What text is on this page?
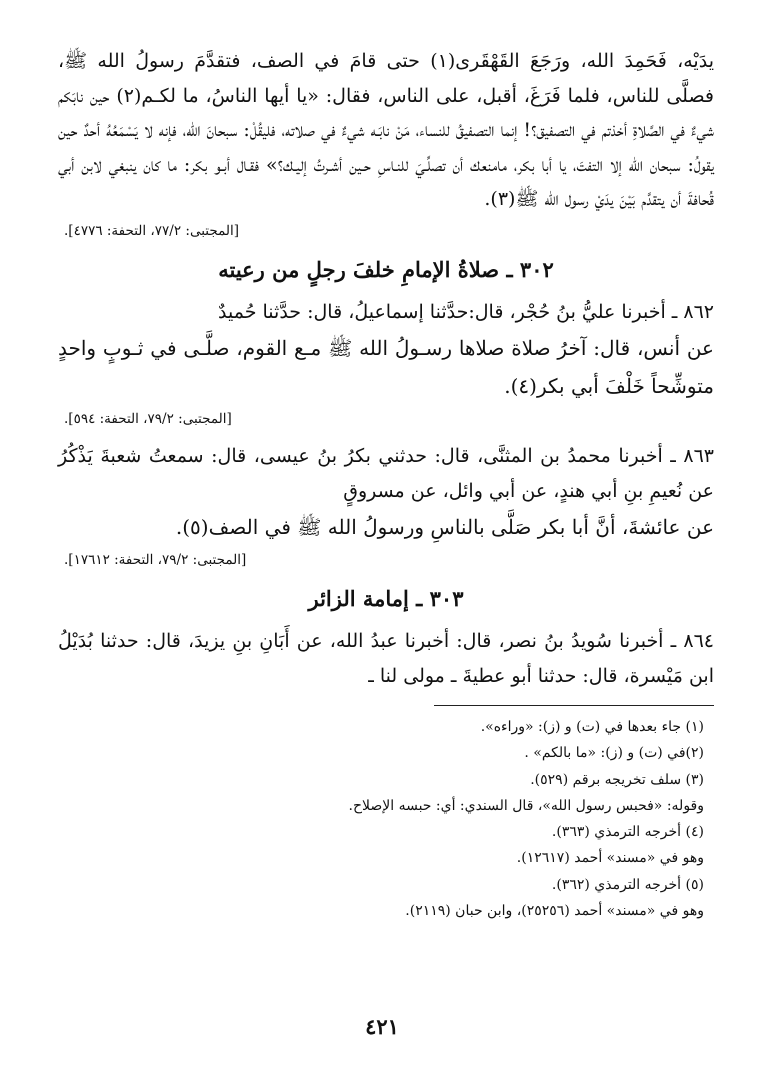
يدَيْه، فَحَمِدَ الله، ورَجَعَ القَهْقَرى(١) حتى قامَ في الصف، فتقدَّمَ رسولُ الله ﷺ، فصلَّى للناس، فلما فَرَغَ، أقبل، على الناس، فقال: «يا أيها الناسُ، ما لكـم(٢) حين نابَكم شيءٌ في الصَّلاةِ أخذتم في التصفيق؟! إنما التصفيقُ للنساء، مَنْ نابَـه شيءٌ في صلاته، فليقُلْ: سبحانَ الله، فإنه لا يَسْمَعُهُ أحدٌ حين يقولُ: سبحان الله إلا التفتَ، يا أبا بكر، مامنعك أن تصلِّـيَ للنـاسِ حـين أشـرتُ إليـك؟» فقـال أبـو بكر: ما كان ينبغي لابن أبي قُحافةَ أن يتقدَّم بَيْنَ يدَيْ رسول الله ﷺ(٣).

[المجتبى: ٧٧/٢، التحفة: ٤٧٧٦].
٣٠٢ ـ صلاةُ الإمامِ خلفَ رجلٍ من رعيته

٨٦٢ ـ أخبرنا عليُّ بنُ حُجْر، قال:حدَّثنا إسماعيلُ، قال: حدَّثنا حُميدٌ

عن أنس، قال: آخرُ صلاة صلاها رسـولُ الله ﷺ مـع القوم، صلَّـى في ثـوبٍ واحدٍ متوشِّحاً خَلْفَ أبي بكر(٤).

[المجتبى: ٧٩/٢، التحفة: ٥٩٤].

٨٦٣ ـ أخبرنا محمدُ بن المثنَّى، قال: حدثني بكرُ بنُ عيسى، قال: سمعتُ شعبةَ يَذْكُرُ عن نُعيمِ بنِ أبي هندٍ، عن أبي وائل، عن مسروقٍ

عن عائشةَ، أنَّ أبا بكر صَلَّى بالناسِ ورسولُ الله ﷺ في الصف(٥).

[المجتبى: ٧٩/٢، التحفة: ١٧٦١٢].
٣٠٣ ـ إمامة الزائر

٨٦٤ ـ أخبرنا سُويدُ بنُ نصر، قال: أخبرنا عبدُ الله، عن أَبَانِ بنِ يزيدَ، قال: حدثنا بُدَيْلُ ابن مَيْسرة، قال: حدثنا أبو عطيةَ ـ مولى لنا ـ

(١) جاء بعدها في (ت) و (ز): «وراءه».

(٢)في (ت) و (ز): «ما بالكم» .

(٣) سلف تخريجه برقم (٥٢٩).

وقوله: «فحبس رسول الله»، قال السندي: أي: حبسه الإصلاح.

(٤) أخرجه الترمذي (٣٦٣).

وهو في «مسند» أحمد (١٢٦١٧).

(٥) أخرجه الترمذي (٣٦٢).

وهو في «مسند» أحمد (٢٥٢٥٦)، وابن حبان (٢١١٩).

٤٢١
